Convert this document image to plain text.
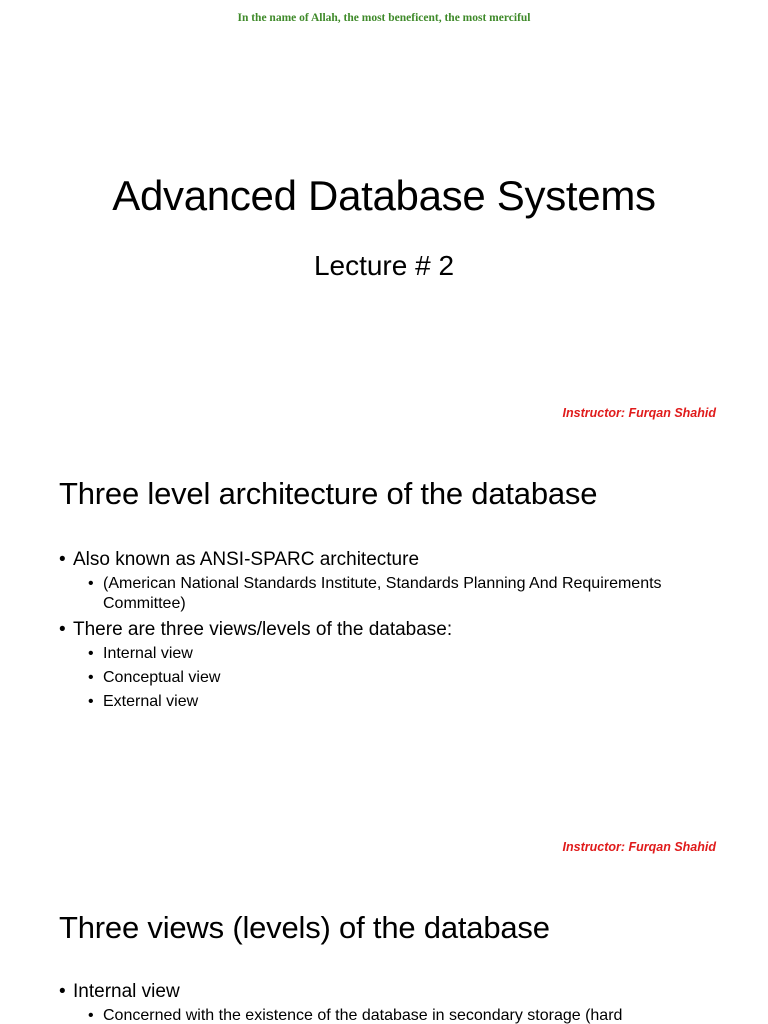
In the name of Allah, the most beneficent, the most merciful
Advanced Database Systems
Lecture # 2
Instructor: Furqan Shahid
Three level architecture of the database
• Also known as ANSI-SPARC architecture
• (American National Standards Institute, Standards Planning And Requirements Committee)
• There are three views/levels of the database:
• Internal view
• Conceptual view
• External view
Instructor: Furqan Shahid
Three views (levels) of the database
• Internal view
• Concerned with the existence of the database in secondary storage (hard
